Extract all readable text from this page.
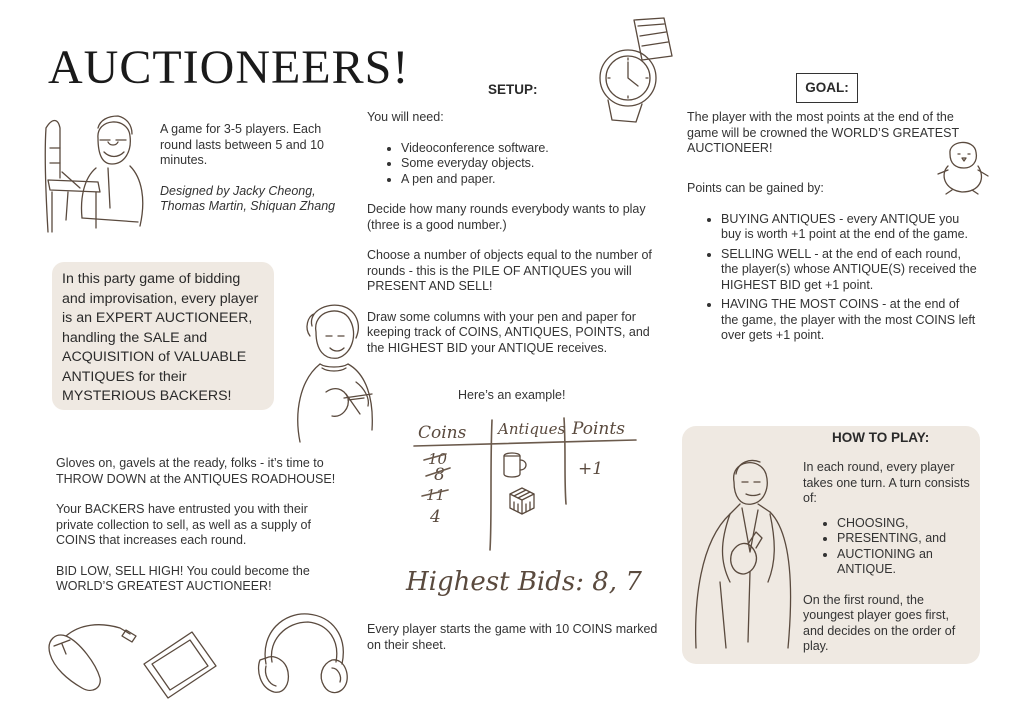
AUCTIONEERS!

A game for 3-5 players. Each round lasts between 5 and 10 minutes.

Designed by Jacky Cheong, Thomas Martin, Shiquan Zhang

In this party game of bidding and improvisation, every player is an EXPERT AUCTIONEER, handling the SALE and ACQUISITION of VALUABLE ANTIQUES for their MYSTERIOUS BACKERS!

Gloves on, gavels at the ready, folks - it’s time to THROW DOWN at the ANTIQUES ROADHOUSE!

Your BACKERS have entrusted you with their private collection to sell, as well as a supply of COINS that increases each round.

BID LOW, SELL HIGH! You could become the WORLD’S GREATEST AUCTIONEER!

SETUP:

You will need:

• Videoconference software.
• Some everyday objects.
• A pen and paper.

Decide how many rounds everybody wants to play (three is a good number.)

Choose a number of objects equal to the number of rounds - this is the PILE OF ANTIQUES you will PRESENT AND SELL!

Draw some columns with your pen and paper for keeping track of COINS, ANTIQUES, POINTS, and the HIGHEST BID your ANTIQUE receives.

Here’s an example!
Coins Antiques Points
10
8
11
4
+1
Highest Bids: 8, 7
Every player starts the game with 10 COINS marked on their sheet.
GOAL:

The player with the most points at the end of the game will be crowned the WORLD’S GREATEST AUCTIONEER!

Points can be gained by:

• BUYING ANTIQUES - every ANTIQUE you buy is worth +1 point at the end of the game.
• SELLING WELL - at the end of each round, the player(s) whose ANTIQUE(S) received the HIGHEST BID get +1 point.
• HAVING THE MOST COINS - at the end of the game, the player with the most COINS left over gets +1 point.
HOW TO PLAY:

In each round, every player takes one turn. A turn consists of:

• CHOOSING,
• PRESENTING, and
• AUCTIONING an ANTIQUE.

On the first round, the youngest player goes first, and decides on the order of play.
